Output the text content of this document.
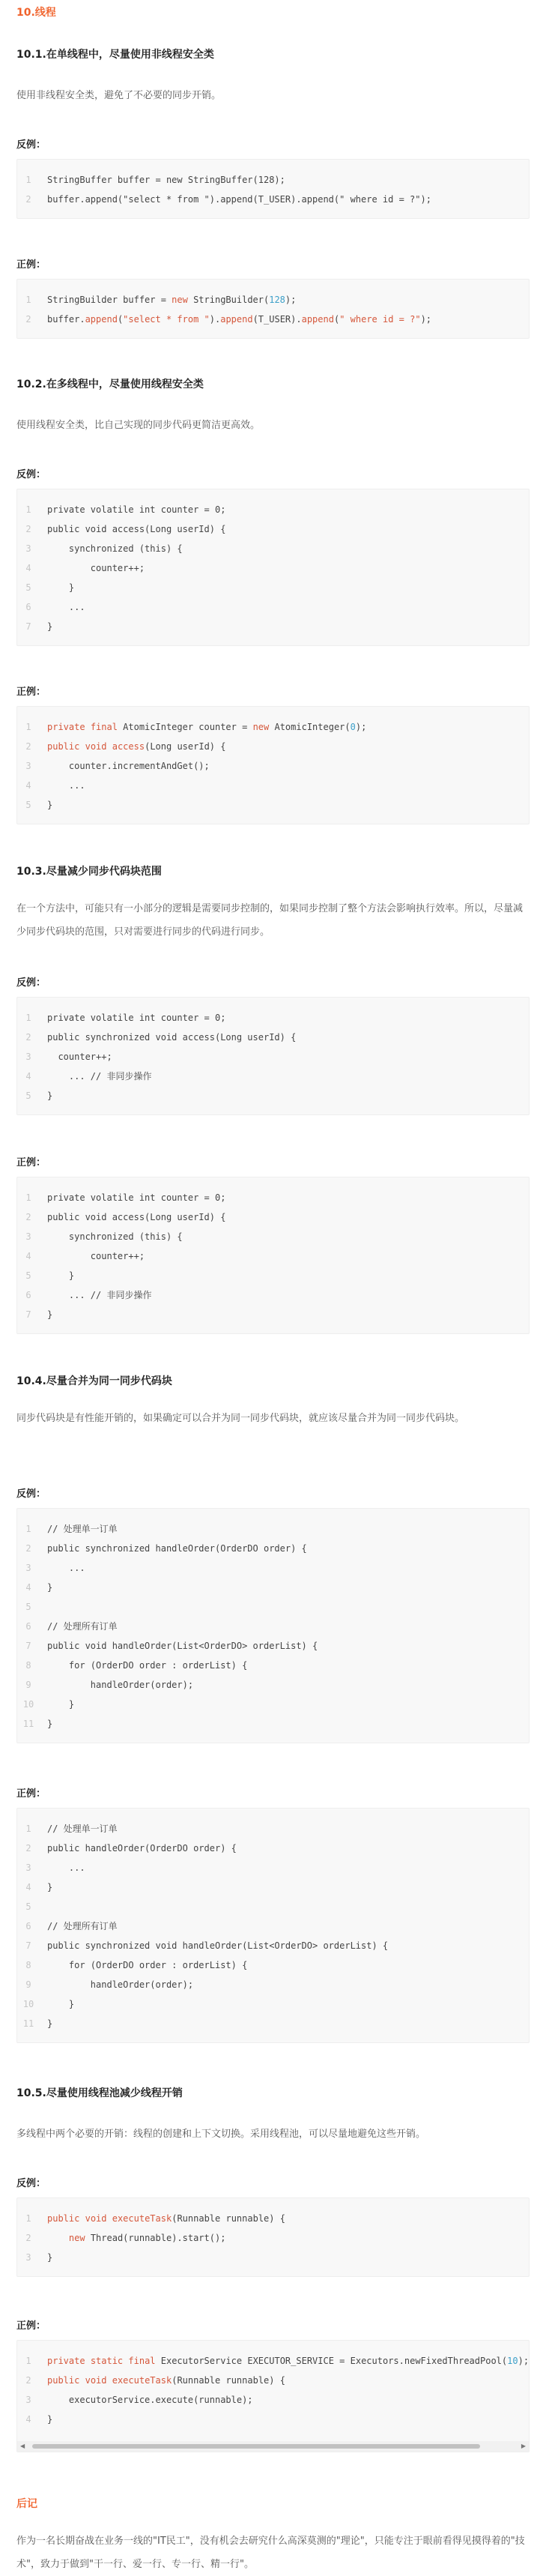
10.线程
10.1.在单线程中，尽量使用非线程安全类
使用非线程安全类，避免了不必要的同步开销。
反例：
1 StringBuffer buffer = new StringBuffer(128);
2 buffer.append("select * from ").append(T_USER).append(" where id = ?");
正例：
1 StringBuilder buffer = new StringBuilder(128);
2 buffer.append("select * from ").append(T_USER).append(" where id = ?");
10.2.在多线程中，尽量使用线程安全类
使用线程安全类，比自己实现的同步代码更简洁更高效。
反例：
1 private volatile int counter = 0;
2 public void access(Long userId) {
3    synchronized (this) {
4        counter++;
5    }
6    ...
7 }
正例：
1 private final AtomicInteger counter = new AtomicInteger(0);
2 public void access(Long userId) {
3    counter.incrementAndGet();
4    ...
5 }
10.3.尽量减少同步代码块范围
在一个方法中，可能只有一小部分的逻辑是需要同步控制的，如果同步控制了整个方法会影响执行效率。所以，尽量减少同步代码块的范围，只对需要进行同步的代码进行同步。
反例：
1 private volatile int counter = 0;
2 public synchronized void access(Long userId) {
3  counter++;
4    ... // 非同步操作
5 }
正例：
1 private volatile int counter = 0;
2 public void access(Long userId) {
3    synchronized (this) {
4        counter++;
5    }
6    ... // 非同步操作
7 }
10.4.尽量合并为同一同步代码块
同步代码块是有性能开销的，如果确定可以合并为同一同步代码块，就应该尽量合并为同一同步代码块。
反例：
1 // 处理单一订单
2 public synchronized handleOrder(OrderDO order) {
3    ...
4 }
5
6 // 处理所有订单
7 public void handleOrder(List<OrderDO> orderList) {
8    for (OrderDO order : orderList) {
9        handleOrder(order);
10    }
11 }
正例：
1 // 处理单一订单
2 public handleOrder(OrderDO order) {
3    ...
4 }
5
6 // 处理所有订单
7 public synchronized void handleOrder(List<OrderDO> orderList) {
8    for (OrderDO order : orderList) {
9        handleOrder(order);
10    }
11 }
10.5.尽量使用线程池减少线程开销
多线程中两个必要的开销：线程的创建和上下文切换。采用线程池，可以尽量地避免这些开销。
反例：
1 public void executeTask(Runnable runnable) {
2	new Thread(runnable).start();
3 }
正例：
1 private static final ExecutorService EXECUTOR_SERVICE = Executors.newFixedThreadPool(10);
2 public void executeTask(Runnable runnable) {
3    executorService.execute(runnable);
4 }
◀	▶
后记
作为一名长期奋战在业务一线的"IT民工"，没有机会去研究什么高深莫测的"理论"，只能专注于眼前看得见摸得着的"技术"，致力于做到"干一行、爱一行、专一行、精一行"。
